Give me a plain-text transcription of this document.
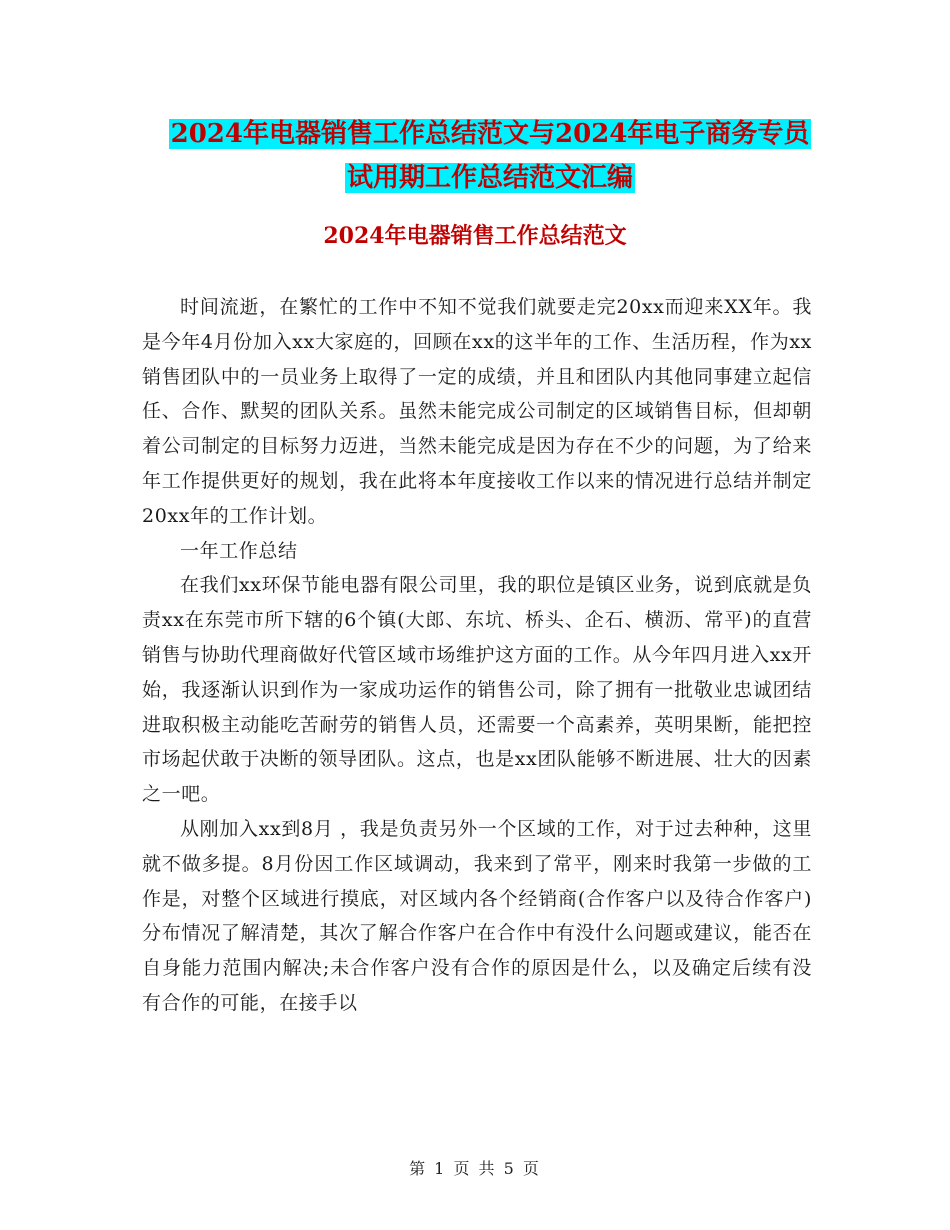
2024年电器销售工作总结范文与2024年电子商务专员
试用期工作总结范文汇编
2024年电器销售工作总结范文

时间流逝，在繁忙的工作中不知不觉我们就要走完20xx而迎来XX年。我是今年4月份加入xx大家庭的，回顾在xx的这半年的工作、生活历程，作为xx销售团队中的一员业务上取得了一定的成绩，并且和团队内其他同事建立起信任、合作、默契的团队关系。虽然未能完成公司制定的区域销售目标，但却朝着公司制定的目标努力迈进，当然未能完成是因为存在不少的问题，为了给来年工作提供更好的规划，我在此将本年度接收工作以来的情况进行总结并制定20xx年的工作计划。

一年工作总结

在我们xx环保节能电器有限公司里，我的职位是镇区业务，说到底就是负责xx在东莞市所下辖的6个镇(大郎、东坑、桥头、企石、横沥、常平)的直营销售与协助代理商做好代管区域市场维护这方面的工作。从今年四月进入xx开始，我逐渐认识到作为一家成功运作的销售公司，除了拥有一批敬业忠诚团结进取积极主动能吃苦耐劳的销售人员，还需要一个高素养，英明果断，能把控市场起伏敢于决断的领导团队。这点，也是xx团队能够不断进展、壮大的因素之一吧。

从刚加入xx到8月 ，我是负责另外一个区域的工作，对于过去种种，这里就不做多提。8月份因工作区域调动，我来到了常平，刚来时我第一步做的工作是，对整个区域进行摸底，对区域内各个经销商(合作客户以及待合作客户)分布情况了解清楚，其次了解合作客户在合作中有没什么问题或建议，能否在自身能力范围内解决;未合作客户没有合作的原因是什么，以及确定后续有没有合作的可能，在接手以

第 1 页 共 5 页
